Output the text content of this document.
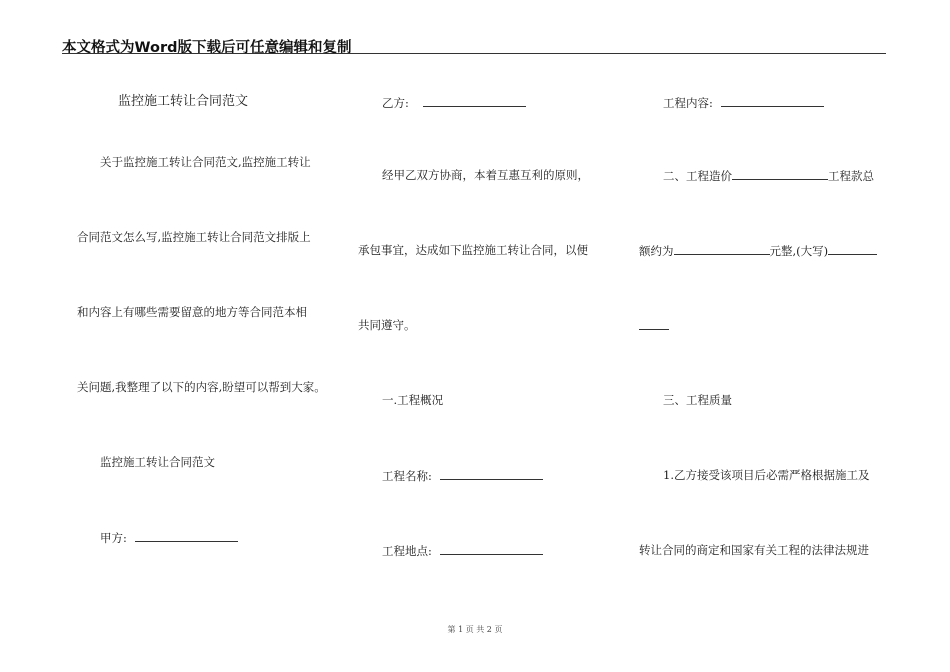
本文格式为Word版下载后可任意编辑和复制
监控施工转让合同范文
关于监控施工转让合同范文,监控施工转让
合同范文怎么写,监控施工转让合同范文排版上
和内容上有哪些需要留意的地方等合同范本相
关问题,我整理了以下的内容,盼望可以帮到大家。
监控施工转让合同范文
甲方:
乙方:
经甲乙双方协商，本着互惠互利的原则，
承包事宜，达成如下监控施工转让合同，以便
共同遵守。
一.工程概况
工程名称:
工程地点:
工程内容:
二、工程造价	工程款总
额约为	元整,(大写)
三、工程质量
1.乙方接受该项目后必需严格根据施工及
转让合同的商定和国家有关工程的法律法规进
第 1 页 共 2 页
